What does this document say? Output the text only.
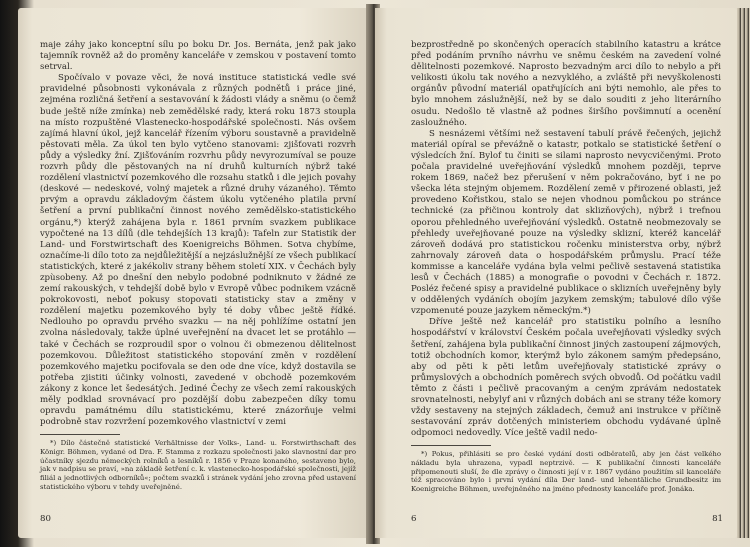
maje záhy jako konceptní sílu po boku Dr. Jos. Bernáta, jenž pak jako tajemník rovněž až do proměny kanceláře v zemskou v postavení tomto setrval.

Spočívalo v povaze věci, že nová instituce statistická vedle své pravidelné působnosti vykonávala z různých podnětů i práce jiné, zejména rozličná šetření a sestavování k žádosti vlády a sněmu (o čemž bude ještě níže zmínka) neb zemědělské rady, která roku 1873 stoupla na místo rozpuštěné Vlastenecko-hospodářské společnosti. Nás ovšem zajímá hlavní úkol, jejž kancelář řízením výboru soustavně a pravidelně pěstovati měla. Za úkol ten bylo vytčeno stanovami: zjišťovati rozvrh půdy a výsledky žní. Zjišťováním rozvrhu půdy nevyrozumíval se pouze rozvrh půdy dle pěstovaných na ní druhů kulturních nýbrž také rozdělení vlastnictví pozemkového dle rozsahu statků i dle jejich povahy (deskové — nedeskové, volný majetek a různé druhy vázaného). Těmto prvým a opravdu základovým částem úkolu vytčeného platila první šetření a první publikační činnost nového zemědělsko-statistického orgánu,*) kterýž zahájena byla r. 1861 prvním svazkem publikace vypočtené na 13 dílů (dle tehdejších 13 krajů): Tafeln zur Statistik der Land- und Forstwirtschaft des Koenigreichs Böhmen. Sotva chybíme, označíme-li dílo toto za nejdůležitější a nejzáslužnější ze všech publikací statistických, které z jakékoliv strany během století XIX. v Čechách byly zpùsobeny. Až po dnešní den nebylo podobné podniknuto v žádné ze zemí rakouských, v tehdejší době bylo v Evropě vůbec podnikem vzácně pokrokovosti, neboť pokusy stopovati statisticky stav a změny v rozdělení majetku pozemkového byly té doby vůbec ještě řídké. Nedlouho po opravdu prvého svazku — na něj pohlížíme ostatní jen zvolna následovaly, takže úplné uveřejnění na dvacet let se protáhlo — také v Čechách se rozproudil spor o volnou či obmezenou dělitelnost pozemkovou. Důležitost statistického stopování změn v rozdělení pozemkového majetku pocifovala se den ode dne více, když dostavila se potřeba zjistiti účinky volnosti, zavedené v obchodě pozemkovém zákony z konce let šedesátých. Jediné Čechy ze všech zemí rakouských měly podklad srovnávací pro pozdější dobu zabezpečen díky tomu opravdu památnému dílu statistickému, které znázorňuje velmi podrobně stav rozvržení pozemkového vlastnictví v zemi

*) Dílo částečně statistické Verhältnisse der Volks-, Land- u. Forstwirthschaft des Königr. Böhmen, vydané od Dra. F. Stamma z rozkazu společnosti jako slavnostní dar pro účastníky sjezdu německých rolníků a lesníků r. 1856 v Praze konaného, sestaveno bylo, jak v nadpisu se praví, »na základě šetření c. k. vlastenecko-hospodářské společnosti, jejíž filiál a jednotlivých odborníků«; počtem svazků i stránek vydání jeho zrovna před ustavení statistického výboru v tehdy uveřejněné.

80

bezprostředně po skončených operacích stabilního katastru a krátce před podáním prvního návrhu ve sněmu českém na zavedení volné dělitelnosti pozemkové. Naprosto bezvadným arci dílo to nebylo a při velikosti úkolu tak nového a nezvyklého, a zvláště při nevyškolenosti orgánův původní materiál opatřujících ani býti nemohlo, ale přes to bylo mnohem záslužnější, než by se dalo souditi z jeho literárního osudu. Nedošlo tě vlastně až podnes širšího povšimnutí a ocenění zasloužného.

S nesnázemi většími než sestavení tabulí právě řečených, jejichž materiál opíral se převážně o katastr, potkalo se statistické šetření o výsledcích žní. Bylof tu činiti se silami naprosto nevycvičenými. Proto počala pravidelné uveřejňování výsledků mnohem později, teprve rokem 1869, načež bez přerušení v něm pokračováno, byť i ne po všecka léta stejným objemem. Rozdělení země v přirozené oblasti, jež provedeno Kořistkou, stalo se nejen vhodnou pomůckou po stránce technické (za přičinou kontroly dat sklizňových), nýbrž i trefnou oporou přehledného uveřejňování výsledků. Ostatně neobmezovaly se přehledy uveřejňované pouze na výsledky sklizní, kteréž kancelář zároveň dodává pro statistickou ročenku ministerstva orby, nýbrž zahrnovaly zároveň data o hospodářském průmyslu. Prací téže kommisse a kanceláře vydána byla velmi pečlivě sestavená statistika lesů v Čechách (1885) a monografie o povodni v Čechách r. 1872. Posléz řečené spisy a pravidelné publikace o sklizních uveřejněny byly v oddělených vydáních obojím jazykem zemským; tabulové dílo výše vzpomenuté pouze jazykem německým.*)

Dříve ještě než kancelář pro statistiku polního a lesního hospodářství v království Českém počala uveřejňovati výsledky svých šetření, zahájena byla publikační činnost jiných zastoupení zájmových, totiž obchodních komor, kterýmž bylo zákonem samým předepsáno, aby od pěti k pěti letům uveřejňovaly statistické zprávy o průmyslových a obchodních poměrech svých obvodů. Od počátku vadil těmto z části i pečlivě pracovaným a ceným zprávám nedostatek srovnatelnosti, nebylyf ani v různých dobách ani se strany téže komory vždy sestaveny na stejných základech, čemuž ani instrukce v příčině sestavování zpráv dotčených ministeriem obchodu vydávané úplně odpomoci nedovedly. Více ještě vadil nedo-

*) Pokus, přihlásiti se pro české vydání dosti odběratelů, aby jen část velkého nákladu byla uhrazena, vypadl neptrzivě. — K publikační činnosti kanceláře připomenouti sluší, že dle zprávy o činnosti její v r. 1867 vydáno použitím sil kanceláře též spracováno bylo i první vydání díla Der land- und lehentäliche Grundbesitz im Koenigreiche Böhmen, uveřejněného na jméno přednosty kanceláře prof. Jonáka.

6	81
